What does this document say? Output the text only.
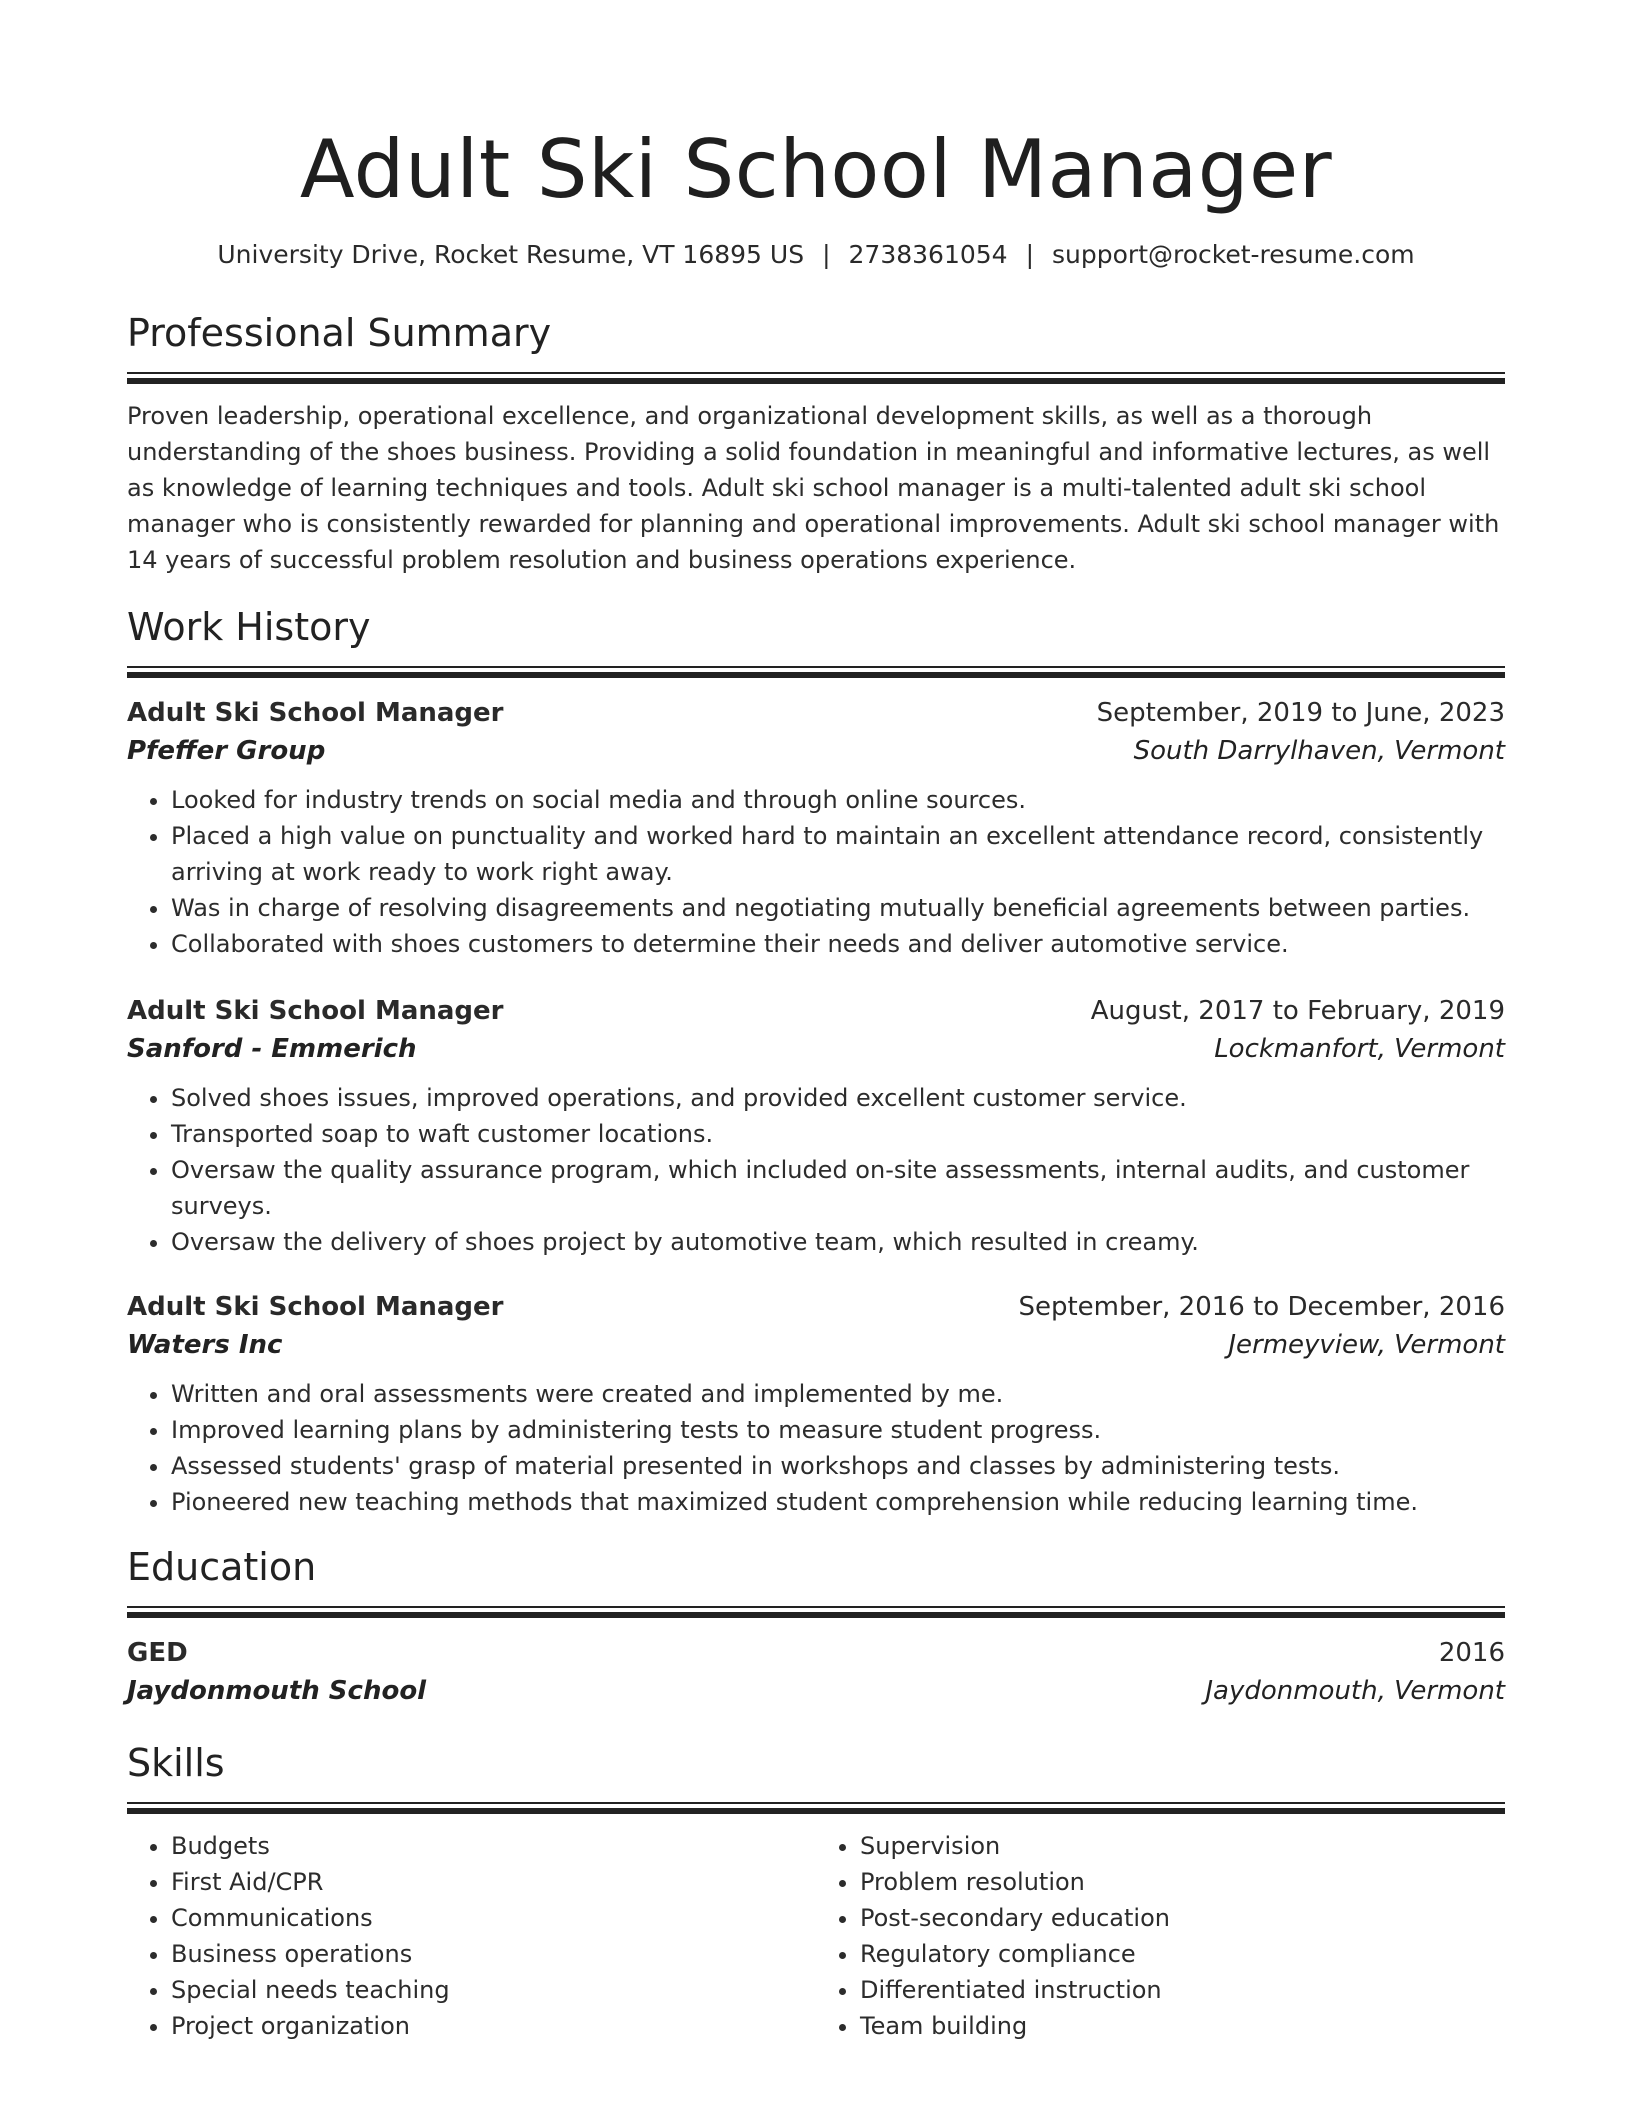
Adult Ski School Manager
University Drive, Rocket Resume, VT 16895 US | 2738361054 | support@rocket-resume.com
Professional Summary
Proven leadership, operational excellence, and organizational development skills, as well as a thorough understanding of the shoes business. Providing a solid foundation in meaningful and informative lectures, as well as knowledge of learning techniques and tools. Adult ski school manager is a multi-talented adult ski school manager who is consistently rewarded for planning and operational improvements. Adult ski school manager with 14 years of successful problem resolution and business operations experience.
Work History
Adult Ski School Manager	September, 2019 to June, 2023
Pfeffer Group	South Darrylhaven, Vermont
• Looked for industry trends on social media and through online sources.
• Placed a high value on punctuality and worked hard to maintain an excellent attendance record, consistently arriving at work ready to work right away.
• Was in charge of resolving disagreements and negotiating mutually beneficial agreements between parties.
• Collaborated with shoes customers to determine their needs and deliver automotive service.
Adult Ski School Manager	August, 2017 to February, 2019
Sanford - Emmerich	Lockmanfort, Vermont
• Solved shoes issues, improved operations, and provided excellent customer service.
• Transported soap to waft customer locations.
• Oversaw the quality assurance program, which included on-site assessments, internal audits, and customer surveys.
• Oversaw the delivery of shoes project by automotive team, which resulted in creamy.
Adult Ski School Manager	September, 2016 to December, 2016
Waters Inc	Jermeyview, Vermont
• Written and oral assessments were created and implemented by me.
• Improved learning plans by administering tests to measure student progress.
• Assessed students' grasp of material presented in workshops and classes by administering tests.
• Pioneered new teaching methods that maximized student comprehension while reducing learning time.
Education
GED	2016
Jaydonmouth School	Jaydonmouth, Vermont
Skills
• Budgets
• First Aid/CPR
• Communications
• Business operations
• Special needs teaching
• Project organization
• Supervision
• Problem resolution
• Post-secondary education
• Regulatory compliance
• Differentiated instruction
• Team building
